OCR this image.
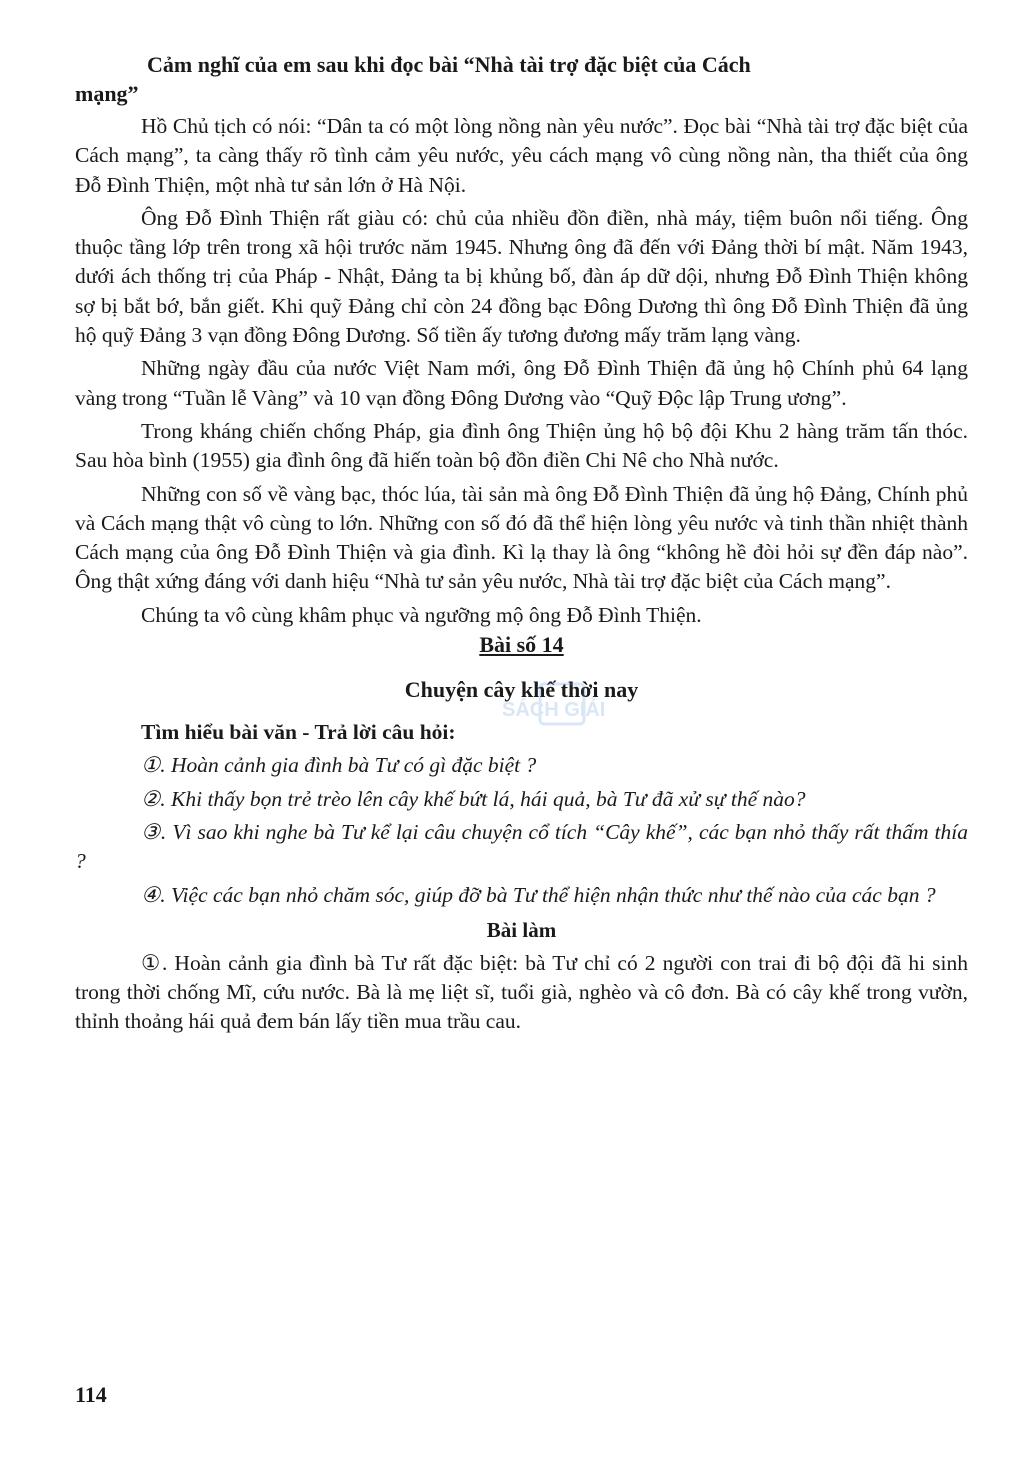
Cảm nghĩ của em sau khi đọc bài “Nhà tài trợ đặc biệt của Cách
mạng”

Hồ Chủ tịch có nói: “Dân ta có một lòng nồng nàn yêu nước”. Đọc bài “Nhà tài trợ đặc biệt của Cách mạng”, ta càng thấy rõ tình cảm yêu nước, yêu cách mạng vô cùng nồng nàn, tha thiết của ông Đỗ Đình Thiện, một nhà tư sản lớn ở Hà Nội.

Ông Đỗ Đình Thiện rất giàu có: chủ của nhiều đồn điền, nhà máy, tiệm buôn nổi tiếng. Ông thuộc tầng lớp trên trong xã hội trước năm 1945. Nhưng ông đã đến với Đảng thời bí mật. Năm 1943, dưới ách thống trị của Pháp - Nhật, Đảng ta bị khủng bố, đàn áp dữ dội, nhưng Đỗ Đình Thiện không sợ bị bắt bớ, bắn giết. Khi quỹ Đảng chỉ còn 24 đồng bạc Đông Dương thì ông Đỗ Đình Thiện đã ủng hộ quỹ Đảng 3 vạn đồng Đông Dương. Số tiền ấy tương đương mấy trăm lạng vàng.

Những ngày đầu của nước Việt Nam mới, ông Đỗ Đình Thiện đã ủng hộ Chính phủ 64 lạng vàng trong “Tuần lễ Vàng” và 10 vạn đồng Đông Dương vào “Quỹ Độc lập Trung ương”.

Trong kháng chiến chống Pháp, gia đình ông Thiện ủng hộ bộ đội Khu 2 hàng trăm tấn thóc. Sau hòa bình (1955) gia đình ông đã hiến toàn bộ đồn điền Chi Nê cho Nhà nước.

Những con số về vàng bạc, thóc lúa, tài sản mà ông Đỗ Đình Thiện đã ủng hộ Đảng, Chính phủ và Cách mạng thật vô cùng to lớn. Những con số đó đã thể hiện lòng yêu nước và tinh thần nhiệt thành Cách mạng của ông Đỗ Đình Thiện và gia đình. Kì lạ thay là ông “không hề đòi hỏi sự đền đáp nào”. Ông thật xứng đáng với danh hiệu “Nhà tư sản yêu nước, Nhà tài trợ đặc biệt của Cách mạng”.

Chúng ta vô cùng khâm phục và ngưỡng mộ ông Đỗ Đình Thiện.

Bài số 14

Chuyện cây khế thời nay

Tìm hiểu bài văn - Trả lời câu hỏi:

①. Hoàn cảnh gia đình bà Tư có gì đặc biệt ?

②. Khi thấy bọn trẻ trèo lên cây khế bứt lá, hái quả, bà Tư đã xử sự thế nào?

③. Vì sao khi nghe bà Tư kể lại câu chuyện cổ tích “Cây khế”, các bạn nhỏ thấy rất thấm thía ?

④. Việc các bạn nhỏ chăm sóc, giúp đỡ bà Tư thể hiện nhận thức như thế nào của các bạn ?

Bài làm

①. Hoàn cảnh gia đình bà Tư rất đặc biệt: bà Tư chỉ có 2 người con trai đi bộ đội đã hi sinh trong thời chống Mĩ, cứu nước. Bà là mẹ liệt sĩ, tuổi già, nghèo và cô đơn. Bà có cây khế trong vườn, thỉnh thoảng hái quả đem bán lấy tiền mua trầu cau.

SÁCH GIẢI
114
